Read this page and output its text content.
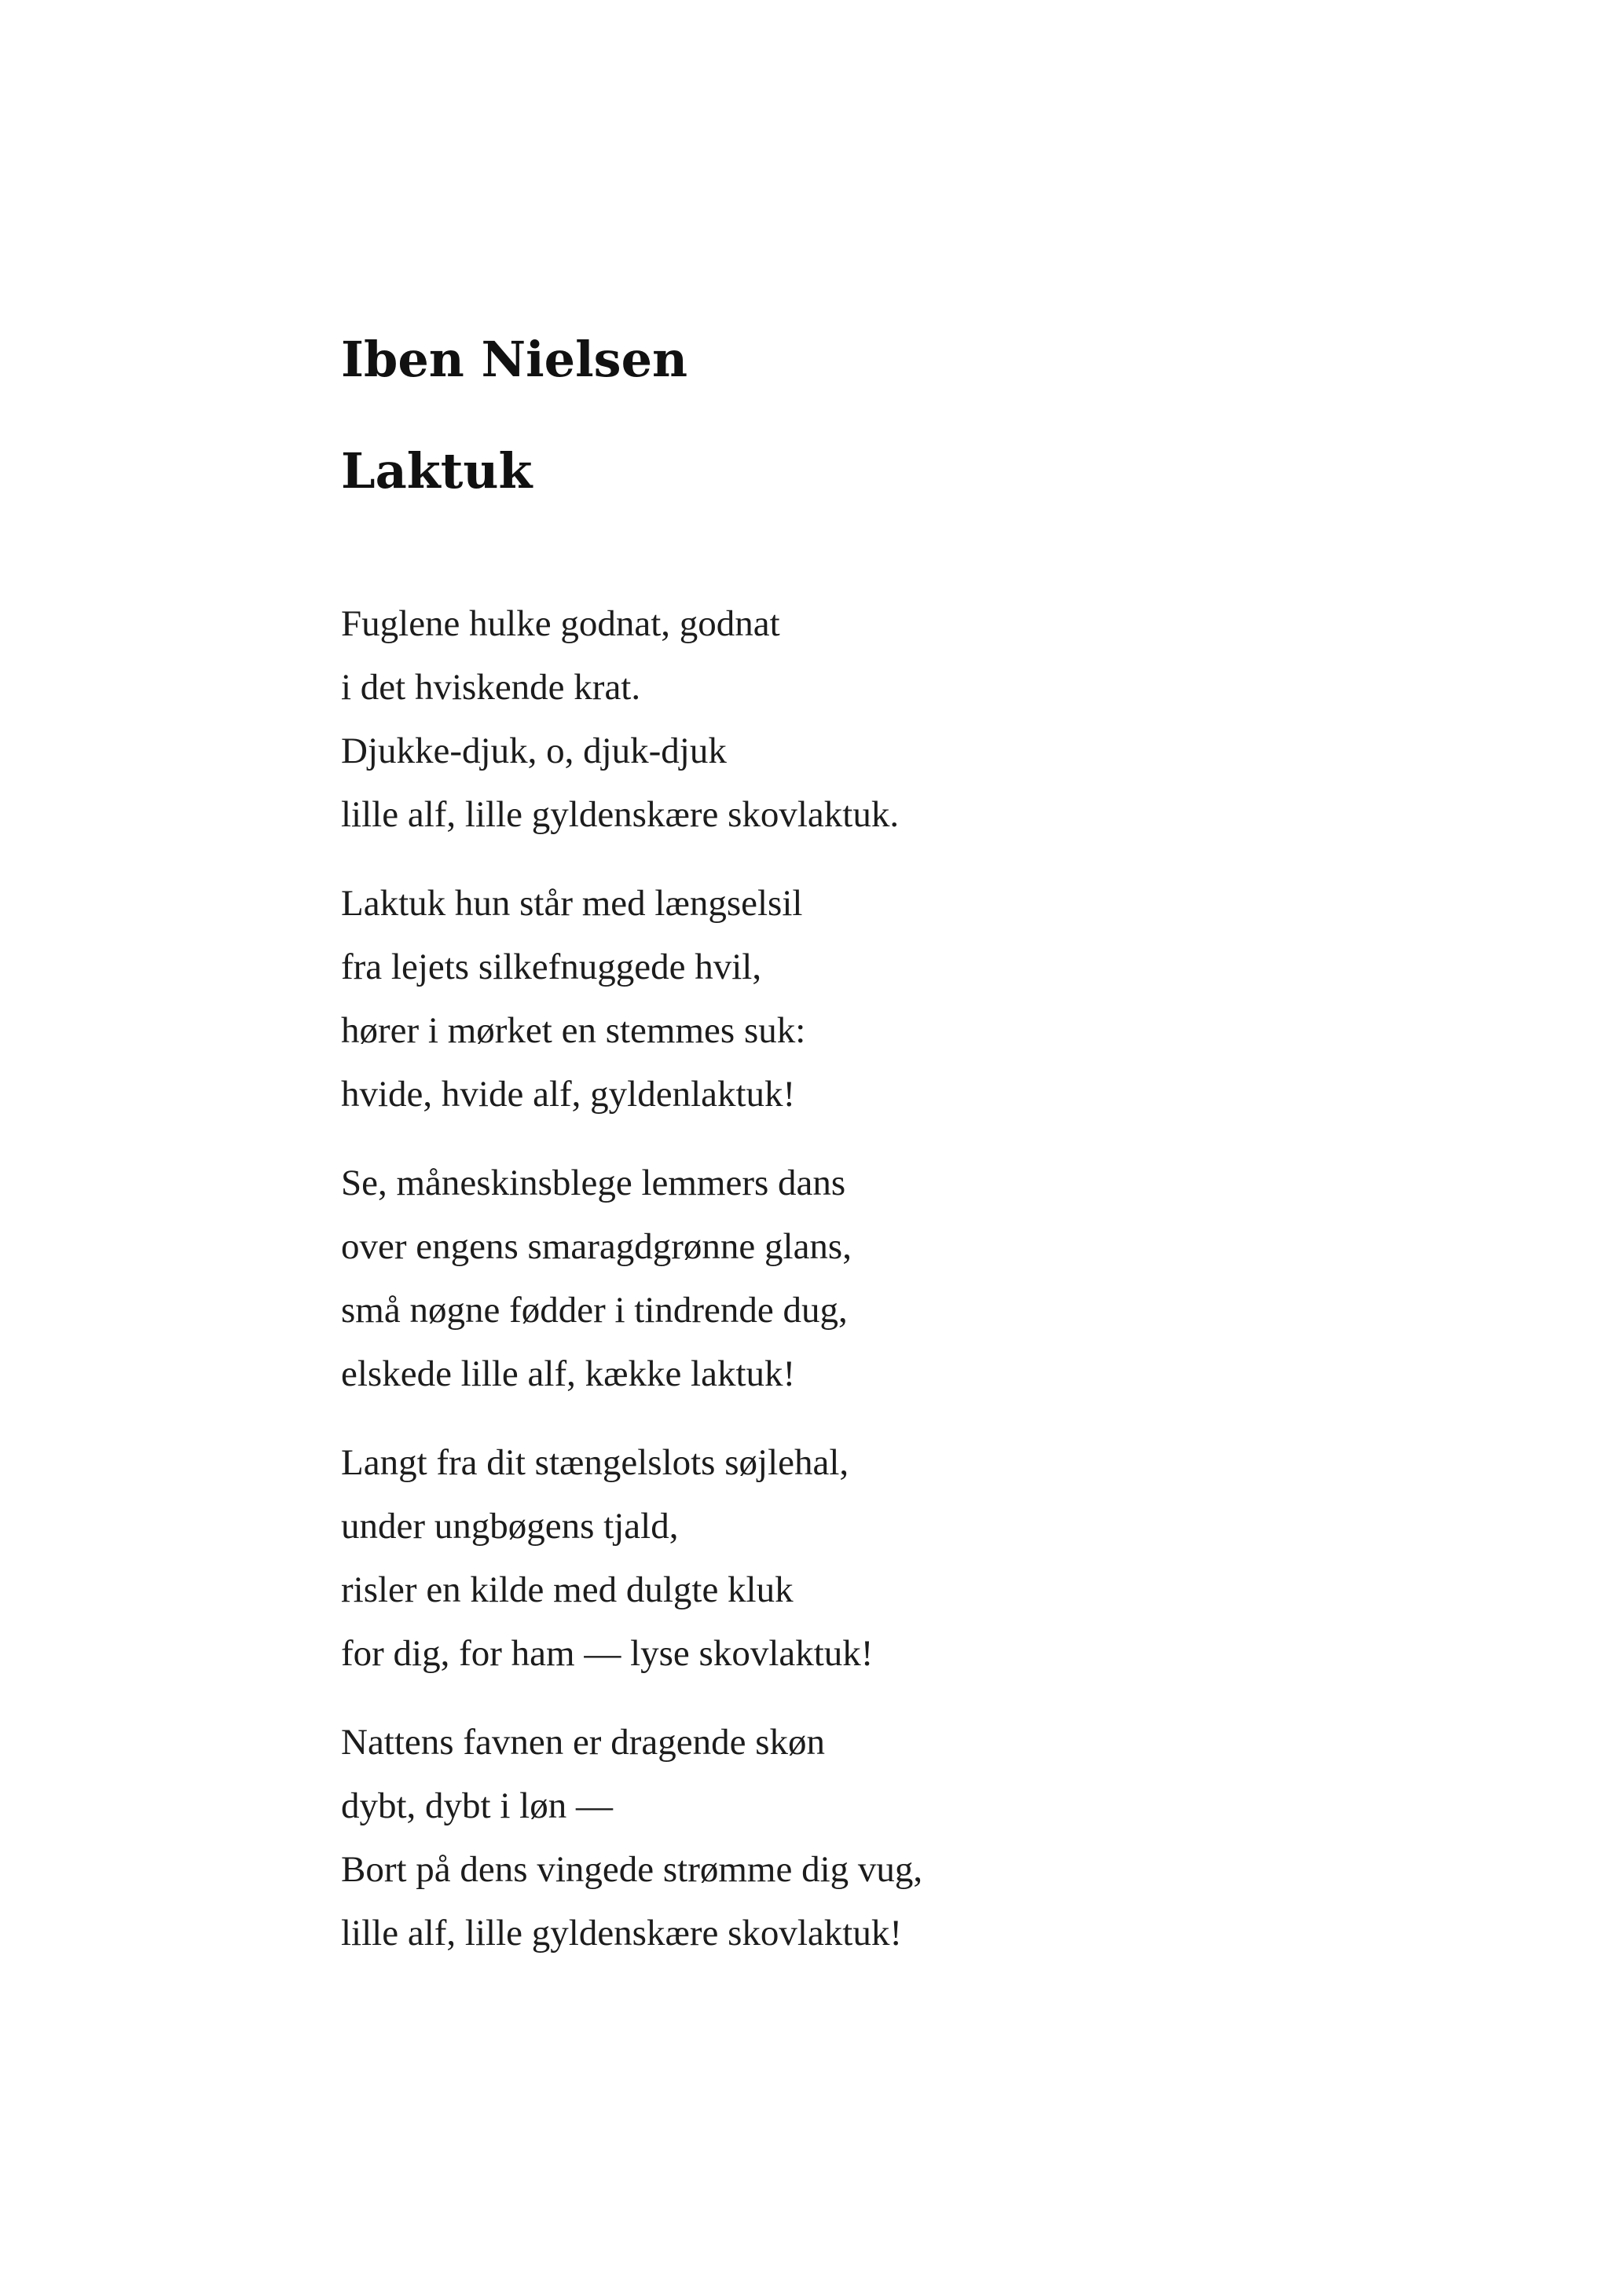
Iben Nielsen
Laktuk

Fuglene hulke godnat, godnat

i det hviskende krat.

Djukke-djuk, o, djuk-djuk

lille alf, lille gyldenskære skovlaktuk.

Laktuk hun står med længselsil

fra lejets silkefnuggede hvil,

hører i mørket en stemmes suk:

hvide, hvide alf, gyldenlaktuk!

Se, måneskinsblege lemmers dans

over engens smaragdgrønne glans,

små nøgne fødder i tindrende dug,

elskede lille alf, kække laktuk!

Langt fra dit stængelslots søjlehal,

under ungbøgens tjald,

risler en kilde med dulgte kluk

for dig, for ham — lyse skovlaktuk!

Nattens favnen er dragende skøn

dybt, dybt i løn —

Bort på dens vingede strømme dig vug,

lille alf, lille gyldenskære skovlaktuk!
